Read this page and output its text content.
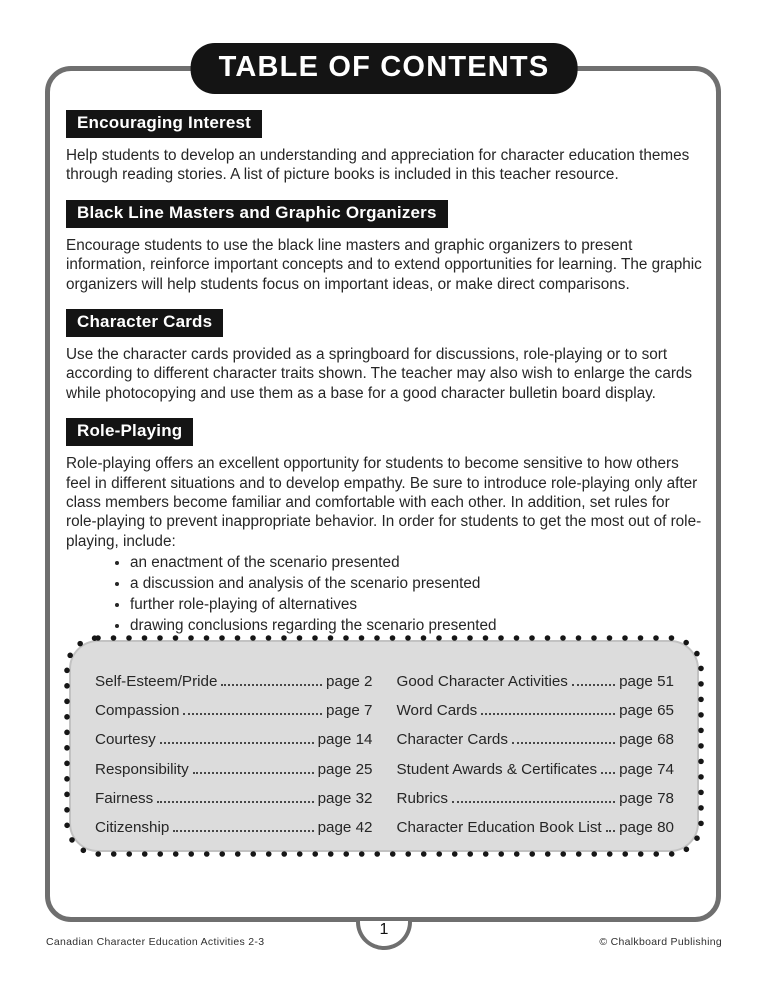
TABLE OF CONTENTS
Encouraging Interest

Help students to develop an understanding and appreciation for character education themes through reading stories. A list of picture books is included in this teacher resource.

Black Line Masters and Graphic Organizers

Encourage students to use the black line masters and graphic organizers to present information, reinforce important concepts and to extend opportunities for learning. The graphic organizers will help students focus on important ideas, or make direct comparisons.

Character Cards

Use the character cards provided as a springboard for discussions, role-playing or to sort according to different character traits shown. The teacher may also wish to enlarge the cards while photocopying and use them as a base for a good character bulletin board display.

Role-Playing

Role-playing offers an excellent opportunity for students to become sensitive to how others feel in different situations and to develop empathy. Be sure to introduce role-playing only after class members become familiar and comfortable with each other. In addition, set rules for role-playing to prevent inappropriate behavior. In order for students to get the most out of role-playing, include:

• an enactment of the scenario presented
• a discussion and analysis of the scenario presented
• further role-playing of alternatives
• drawing conclusions regarding the scenario presented
Self-Esteem/Pride	page 2
Compassion	page 7
Courtesy	page 14
Responsibility	page 25
Fairness	page 32
Citizenship	page 42
Good Character Activities	page 51
Word Cards	page 65
Character Cards	page 68
Student Awards & Certificates page 74
Rubrics	page 78
Character Education Book List page 80
1
Canadian Character Education Activities 2-3	© Chalkboard Publishing
